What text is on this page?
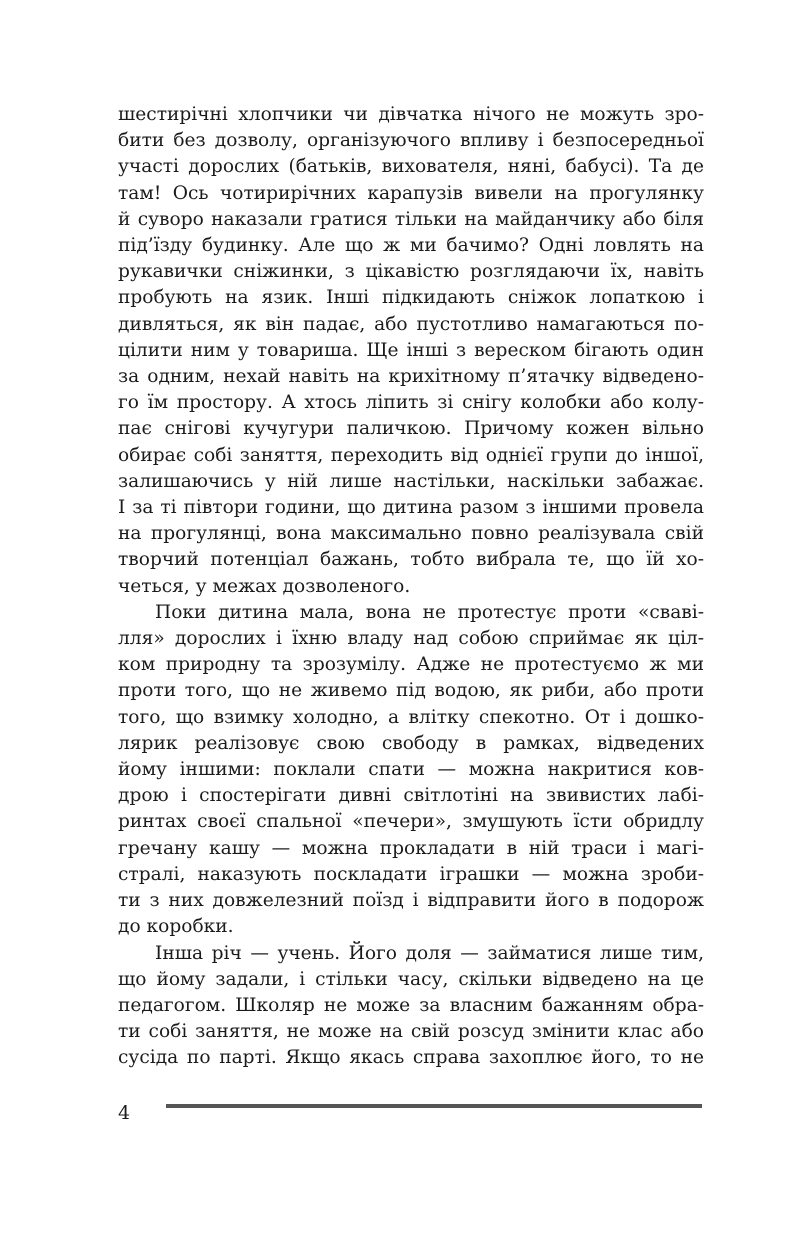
шестирічні хлопчики чи дівчатка нічого не можуть зро-
бити без дозволу, організуючого впливу і безпосередньої
участі дорослих (батьків, вихователя, няні, бабусі). Та де
там! Ось чотирирічних карапузів вивели на прогулянку
й суворо наказали гратися тільки на майданчику або біля
під’їзду будинку. Але що ж ми бачимо? Одні ловлять на
рукавички сніжинки, з цікавістю розглядаючи їх, навіть
пробують на язик. Інші підкидають сніжок лопаткою і
дивляться, як він падає, або пустотливо намагаються по-
цілити ним у товариша. Ще інші з вереском бігають один
за одним, нехай навіть на крихітному п’ятачку відведено-
го їм простору. А хтось ліпить зі снігу колобки або колу-
пає снігові кучугури паличкою. Причому кожен вільно
обирає собі заняття, переходить від однієї групи до іншої,
залишаючись у ній лише настільки, наскільки забажає.
І за ті півтори години, що дитина разом з іншими провела
на прогулянці, вона максимально повно реалізувала свій
творчий потенціал бажань, тобто вибрала те, що їй хо-
четься, у межах дозволеного.

Поки дитина мала, вона не протестує проти «сваві-
лля» дорослих і їхню владу над собою сприймає як ціл-
ком природну та зрозумілу. Адже не протестуємо ж ми
проти того, що не живемо під водою, як риби, або проти
того, що взимку холодно, а влітку спекотно. От і дошко-
лярик реалізовує свою свободу в рамках, відведених
йому іншими: поклали спати — можна накритися ков-
дрою і спостерігати дивні світлотіні на звивистих лабі-
ринтах своєї спальної «печери», змушують їсти обридлу
гречану кашу — можна прокладати в ній траси і магі-
стралі, наказують поскладати іграшки — можна зроби-
ти з них довжелезний поїзд і відправити його в подорож
до коробки.

Інша річ — учень. Його доля — займатися лише тим,
що йому задали, і стільки часу, скільки відведено на це
педагогом. Школяр не може за власним бажанням обра-
ти собі заняття, не може на свій розсуд змінити клас або
сусіда по парті. Якщо якась справа захоплює його, то не

4
